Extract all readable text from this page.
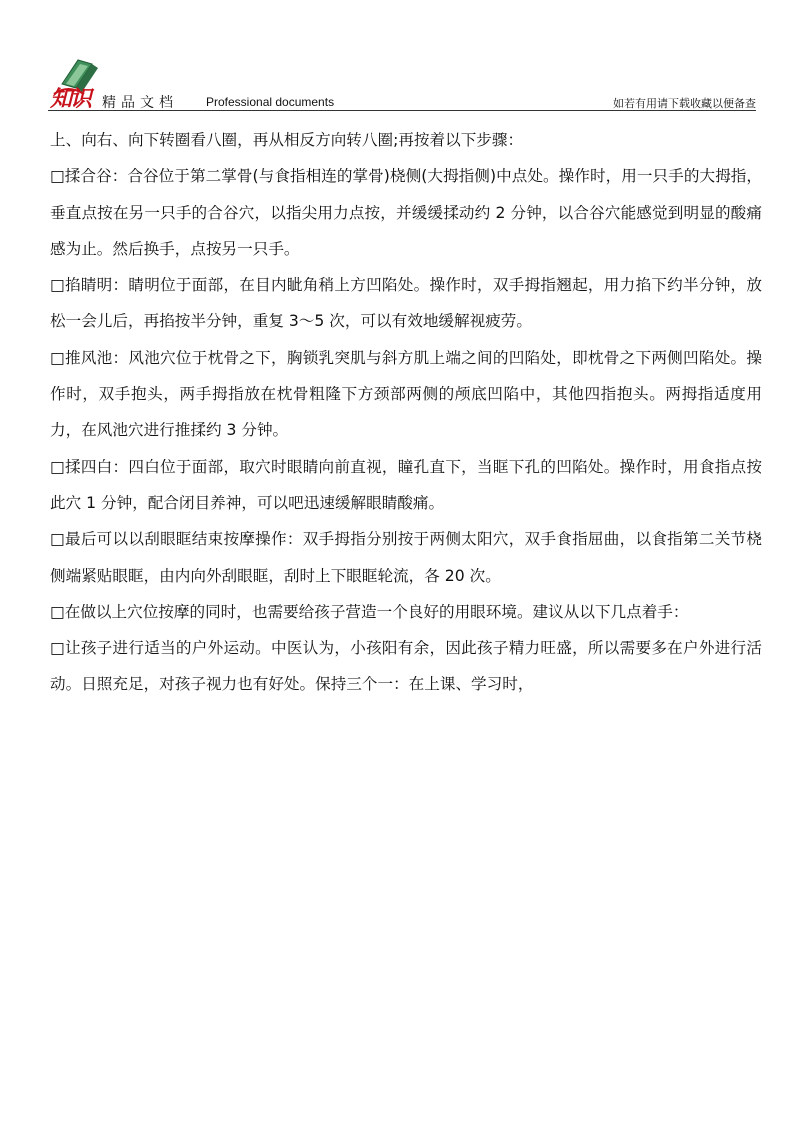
知识 精品文档 Professional documents	如若有用请下载收藏以便备查

上、向右、向下转圈看八圈，再从相反方向转八圈;再按着以下步骤：

□揉合谷：合谷位于第二掌骨(与食指相连的掌骨)桡侧(大拇指侧)中点处。操作时，用一只手的大拇指，垂直点按在另一只手的合谷穴，以指尖用力点按，并缓缓揉动约 2 分钟，以合谷穴能感觉到明显的酸痛感为止。然后换手，点按另一只手。

□掐睛明：睛明位于面部，在目内眦角稍上方凹陷处。操作时，双手拇指翘起，用力掐下约半分钟，放松一会儿后，再掐按半分钟，重复 3～5 次，可以有效地缓解视疲劳。

□推风池：风池穴位于枕骨之下，胸锁乳突肌与斜方肌上端之间的凹陷处，即枕骨之下两侧凹陷处。操作时，双手抱头，两手拇指放在枕骨粗隆下方颈部两侧的颅底凹陷中，其他四指抱头。两拇指适度用力，在风池穴进行推揉约 3 分钟。

□揉四白：四白位于面部，取穴时眼睛向前直视，瞳孔直下，当眶下孔的凹陷处。操作时，用食指点按此穴 1 分钟，配合闭目养神，可以吧迅速缓解眼睛酸痛。

□最后可以以刮眼眶结束按摩操作：双手拇指分别按于两侧太阳穴，双手食指屈曲，以食指第二关节桡侧端紧贴眼眶，由内向外刮眼眶，刮时上下眼眶轮流，各 20 次。

□在做以上穴位按摩的同时，也需要给孩子营造一个良好的用眼环境。建议从以下几点着手：

□让孩子进行适当的户外运动。中医认为，小孩阳有余，因此孩子精力旺盛，所以需要多在户外进行活动。日照充足，对孩子视力也有好处。保持三个一：在上课、学习时，
